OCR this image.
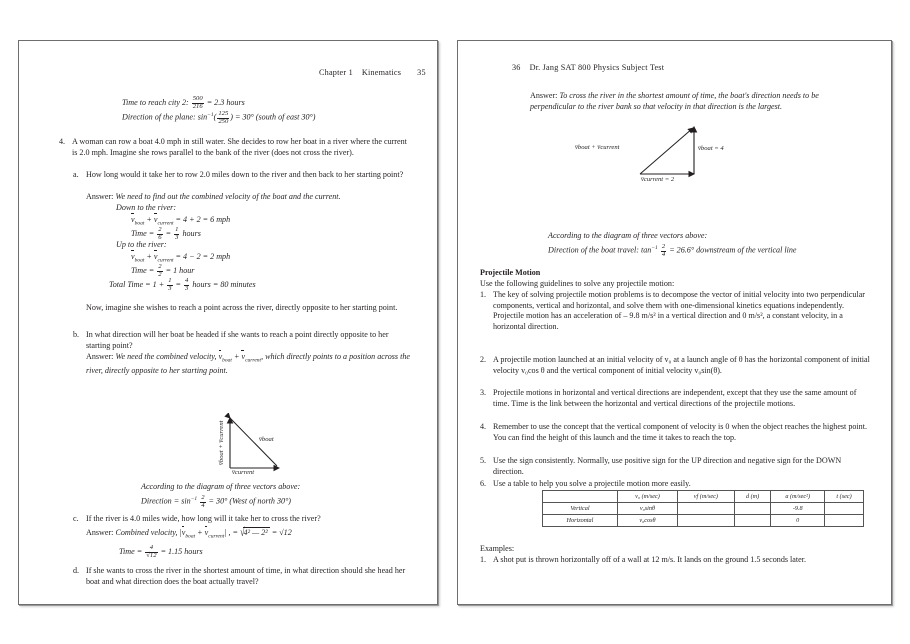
Chapter 1 Kinematics 35
Time to reach city 2: $\frac{500}{216} = 2.3$ hours
Direction of the plane: $\sin^{-1}( \frac{125}{250}$ ) = 30° (south of east 30°)
4. A woman can row a boat 4.0 mph in still water. She decides to row her boat in a river where the current is 2.0 mph. Imagine she rows parallel to the bank of the river (does not cross the river).
a. How long would it take her to row 2.0 miles down to the river and then back to her starting point?
Answer: We need to find out the combined velocity of the boat and the current.
Down to the river:
$v_{boat} + v_{current} = 4 + 2 = 6$ mph
Time = $\frac{2}{6} = \frac{1}{3}$ hours
Up to the river:
$v_{boat} + v_{current} = 4 - 2 = 2$ mph
Time = $\frac{2}{2} = 1$ hour
Total Time = $1 + \frac{1}{3} = \frac{4}{3}$ hours = 80 minutes
Now, imagine she wishes to reach a point across the river, directly opposite to her starting point.
b. In what direction will her boat be headed if she wants to reach a point directly opposite to her starting point?
Answer: We need the combined velocity, $v_{boat} + v_{current}$, which directly points to a position across the river, directly opposite to her starting point.
v̅boat + v̅current	v̅boat
v̅current
According to the diagram of three vectors above:
Direction = $\sin^{-1} \frac{2}{4} = 30^\circ$ (West of north 30°)
c. If the river is 4.0 miles wide, how long will it take her to cross the river?
Answer: Combined velocity, $|v_{boat} + v_{current}|$ , = √4² — 2² = √12
Time = $\frac{4}{√12} = 1.15$ hours
d. If she wants to cross the river in the shortest amount of time, in what direction should she head her boat and what direction does the boat actually travel?
36 Dr. Jang SAT 800 Physics Subject Test
Answer: To cross the river in the shortest amount of time, the boat's direction needs to be perpendicular to the river bank so that velocity in that direction is the largest.
v̅boat + v̅current	v̅boat = 4
v̅current = 2
According to the diagram of three vectors above:
Direction of the boat travel: $\tan^{-1} \frac{2}{4} = 26.6^\circ$ downstream of the vertical line
Projectile Motion
Use the following guidelines to solve any projectile motion:
1. The key of solving projectile motion problems is to decompose the vector of initial velocity into two perpendicular components, vertical and horizontal, and solve them with one-dimensional kinetics equations independently. Projectile motion has an acceleration of – 9.8 m/s² in a vertical direction and 0 m/s², a constant velocity, in a horizontal direction.
2. A projectile motion launched at an initial velocity of v₀ at a launch angle of θ has the horizontal component of initial velocity v₀cos θ and the vertical component of initial velocity v₀sin(θ).
3. Projectile motions in horizontal and vertical directions are independent, except that they use the same amount of time. Time is the link between the horizontal and vertical directions of the projectile motions.
4. Remember to use the concept that the vertical component of velocity is 0 when the object reaches the highest point. You can find the height of this launch and the time it takes to reach the top.
5. Use the sign consistently. Normally, use positive sign for the UP direction and negative sign for the DOWN direction.
6. Use a table to help you solve a projectile motion more easily.
	v₀ (m/sec)	vf (m/sec)	d (m)	a (m/sec²)	t (sec)
Vertical	v₀sinθ			-9.8	
Horizontal	v₀cosθ			0	
Examples:
1. A shot put is thrown horizontally off of a wall at 12 m/s. It lands on the ground 1.5 seconds later.
